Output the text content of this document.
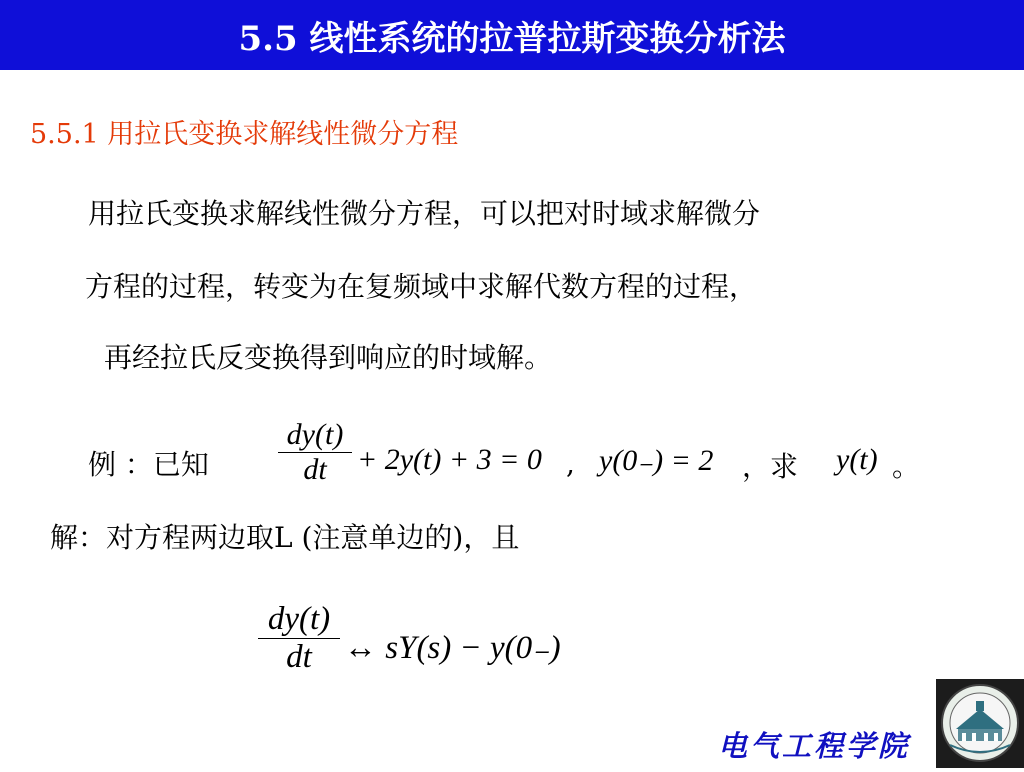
5.5 线性系统的拉普拉斯变换分析法
5.5.1 用拉氏变换求解线性微分方程
用拉氏变换求解线性微分方程，可以把对时域求解微分
方程的过程，转变为在复频域中求解代数方程的过程，
再经拉氏反变换得到响应的时域解。
例 ：已知 $\frac{dy(t)}{dt} + 2y(t) + 3 = 0$ , y(0₋) = 2 ，求 y(t) 。
解：对方程两边取L (注意单边的)，且
$\frac{dy(t)}{dt}$ ↔ sY(s) − y(0₋)
电气工程学院
